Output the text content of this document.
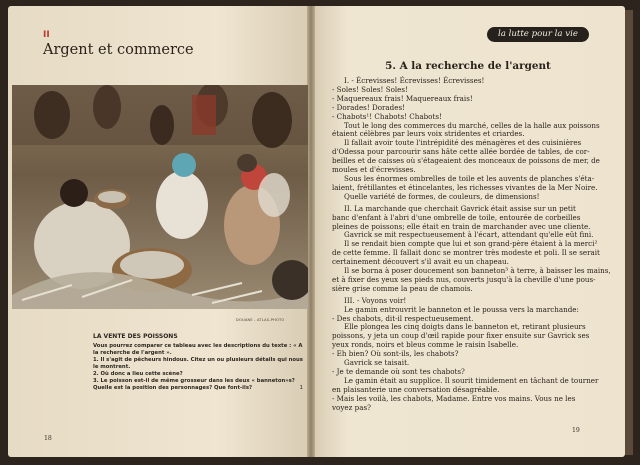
II
Argent et commerce
DOUANE - ATLAS-PHOTO
LA VENTE DES POISSONS

Vous pourrez comparer ce tableau avec les descriptions du texte : « A

la recherche de l'argent ».

1. Il s'agit de pêcheurs hindous. Citez un ou plusieurs détails qui nous

le montrent.

2. Où donc a lieu cette scène?

3. Le poisson est-il de même grosseur dans les deux « banneton»s?

Quelle est la position des personnages? Que font-ils?	1

18
la lutte pour la vie
5. A la recherche de l'argent
I. - Écrevisses! Écrevisses! Écrevisses!
- Soles! Soles! Soles!
- Maquereaux frais! Maquereaux frais!
- Dorades! Dorades!
- Chabots¹! Chabots! Chabots!
Tout le long des commerces du marché, celles de la halle aux poissons
étaient célèbres par leurs voix stridentes et criardes.
Il fallait avoir toute l'intrépidité des ménagères et des cuisinières
d'Odessa pour parcourir sans hâte cette allée bordée de tables, de cor-
beilles et de caisses où s'étageaient des monceaux de poissons de mer, de
moules et d'écrevisses.
Sous les énormes ombrelles de toile et les auvents de planches s'éta-
laient, frétillantes et étincelantes, les richesses vivantes de la Mer Noire.
Quelle variété de formes, de couleurs, de dimensions!
II. La marchande que cherchait Gavrick était assise sur un petit
banc d'enfant à l'abri d'une ombrelle de toile, entourée de corbeilles
pleines de poissons; elle était en train de marchander avec une cliente.
Gavrick se mit respectueusement à l'écart, attendant qu'elle eût fini.
Il se rendait bien compte que lui et son grand-père étaient à la merci²
de cette femme. Il fallait donc se montrer très modeste et poli. Il se serait
certainement découvert s'il avait eu un chapeau.
Il se borna à poser doucement son banneton³ à terre, à baisser les mains,
et à fixer des yeux ses pieds nus, couverts jusqu'à la cheville d'une pous-
sière grise comme la peau de chamois.
III. - Voyons voir!
Le gamin entrouvrit le banneton et le poussa vers la marchande:
- Des chabots, dit-il respectueusement.
Elle plongea les cinq doigts dans le banneton et, retirant plusieurs
poissons, y jeta un coup d'œil rapide pour fixer ensuite sur Gavrick ses
yeux ronds, noirs et bleus comme le raisin Isabelle.
- Eh bien? Où sont-ils, les chabots?
Gavrick se taisait.
- Je te demande où sont tes chabots?
Le gamin était au supplice. Il sourit timidement en tâchant de tourner
en plaisanterie une conversation désagréable.
- Mais les voilà, les chabots, Madame. Entre vos mains. Vous ne les
voyez pas?
19
